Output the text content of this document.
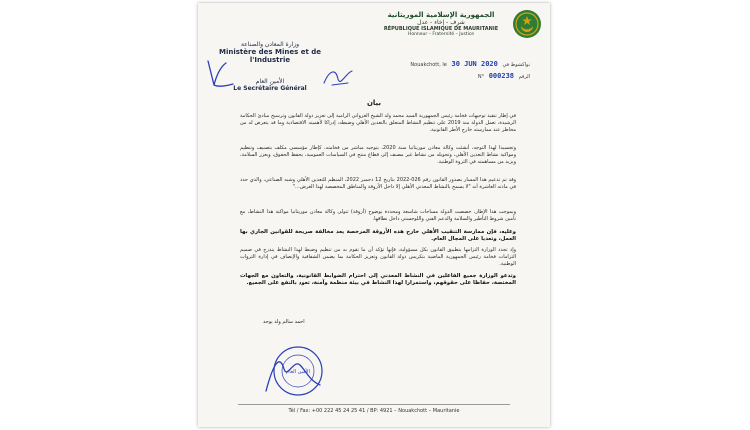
وزارة المعادن والصناعة
Ministère des Mines et de l'Industrie
الأمين العام
Le Secrétaire Général
الجمهورية الإسلامية الموريتانية
شرف - إخاء - عدل
RÉPUBLIQUE ISLAMIQUE DE MAURITANIE
Honneur – Fraternité – Justice
Nouakchott, le 30 JUN 2020 نواكشوط في
N° 000238 الرقم
بيان
في إطار تنفيذ توجيهات فخامة رئيس الجمهورية السيد محمد ولد الشيخ الغزواني الرامية إلى تعزيز دولة القانون وترسيخ مبادئ الحكامة الرشيدة، تعمل الدولة منذ 2019 على تنظيم النشاط المتعلق بالتعدين الأهلي وضبطه، إدراكا لأهميته الاقتصادية وما قد يتعرض له من مخاطر عند ممارسته خارج الأطر القانونية.
وتجسيدا لهذا التوجه، أنشئت وكالة معادن موريتانيا سنة 2020، بتوجيه مباشر من فخامته، كإطار مؤسسي مكلف بتصنيف وتنظيم ومواكبة نشاط التعدين الأهلي، وتحويله من نشاط غير مصنف إلى قطاع منتج في السياسات العمومية، يحفظ الحقوق، ويعزز السلامة، ويزيد من مساهمته في الثروة الوطنية.
وقد تم تدعيم هذا المسار بصدور القانون رقم 026-2022 بتاريخ 12 دجمبر 2022، المنظم للتعدين الأهلي وشبه الصناعي، والذي حدد في مادته العاشرة أنه "لا يسمح بالنشاط المعدني الأهلي إلا داخل الأروقة والمناطق المخصصة لهذا الغرض..."
وبموجب هذا الإطار، خصصت الدولة مساحات شاسعة ومحددة بوضوح (أروقة) تتولى وكالة معادن موريتانيا مواكبة هذا النشاط، مع تأمين شروط التأطير والسلامة والدعم الفني واللوجستي داخل نطاقها.
وعليه، فإن ممارسة التنقيب الأهلي خارج هذه الأروقة المرخصة يعد مخالفة صريحة للقوانين الجاري بها العمل، وتعديا على المجال العام.
وإذ تجدد الوزارة التزامها بتطبيق القانون بكل مسؤولية، فإنها تؤكد أن ما تقوم به من تنظيم وضبط لهذا النشاط يندرج في صميم التزامات فخامة رئيس الجمهورية الماضية بتكريس دولة القانون وتعزيز الحكامة بما يضمن الشفافية والإنصاف في إدارة الثروات الوطنية.
وتدعو الوزارة جميع الفاعلين في النشاط المعدني إلى احترام الضوابط القانونية، والتعاون مع الجهات المختصة، حفاظا على حقوقهم، واستمرارا لهذا النشاط في بيئة منظمة وآمنة، تعود بالنفع على الجميع.
احمد سالم ولد بوحد
الأمين العام
Tél / Fax: +00 222 45 24 25 41 / BP: 4921 – Nouakchott – Mauritanie
